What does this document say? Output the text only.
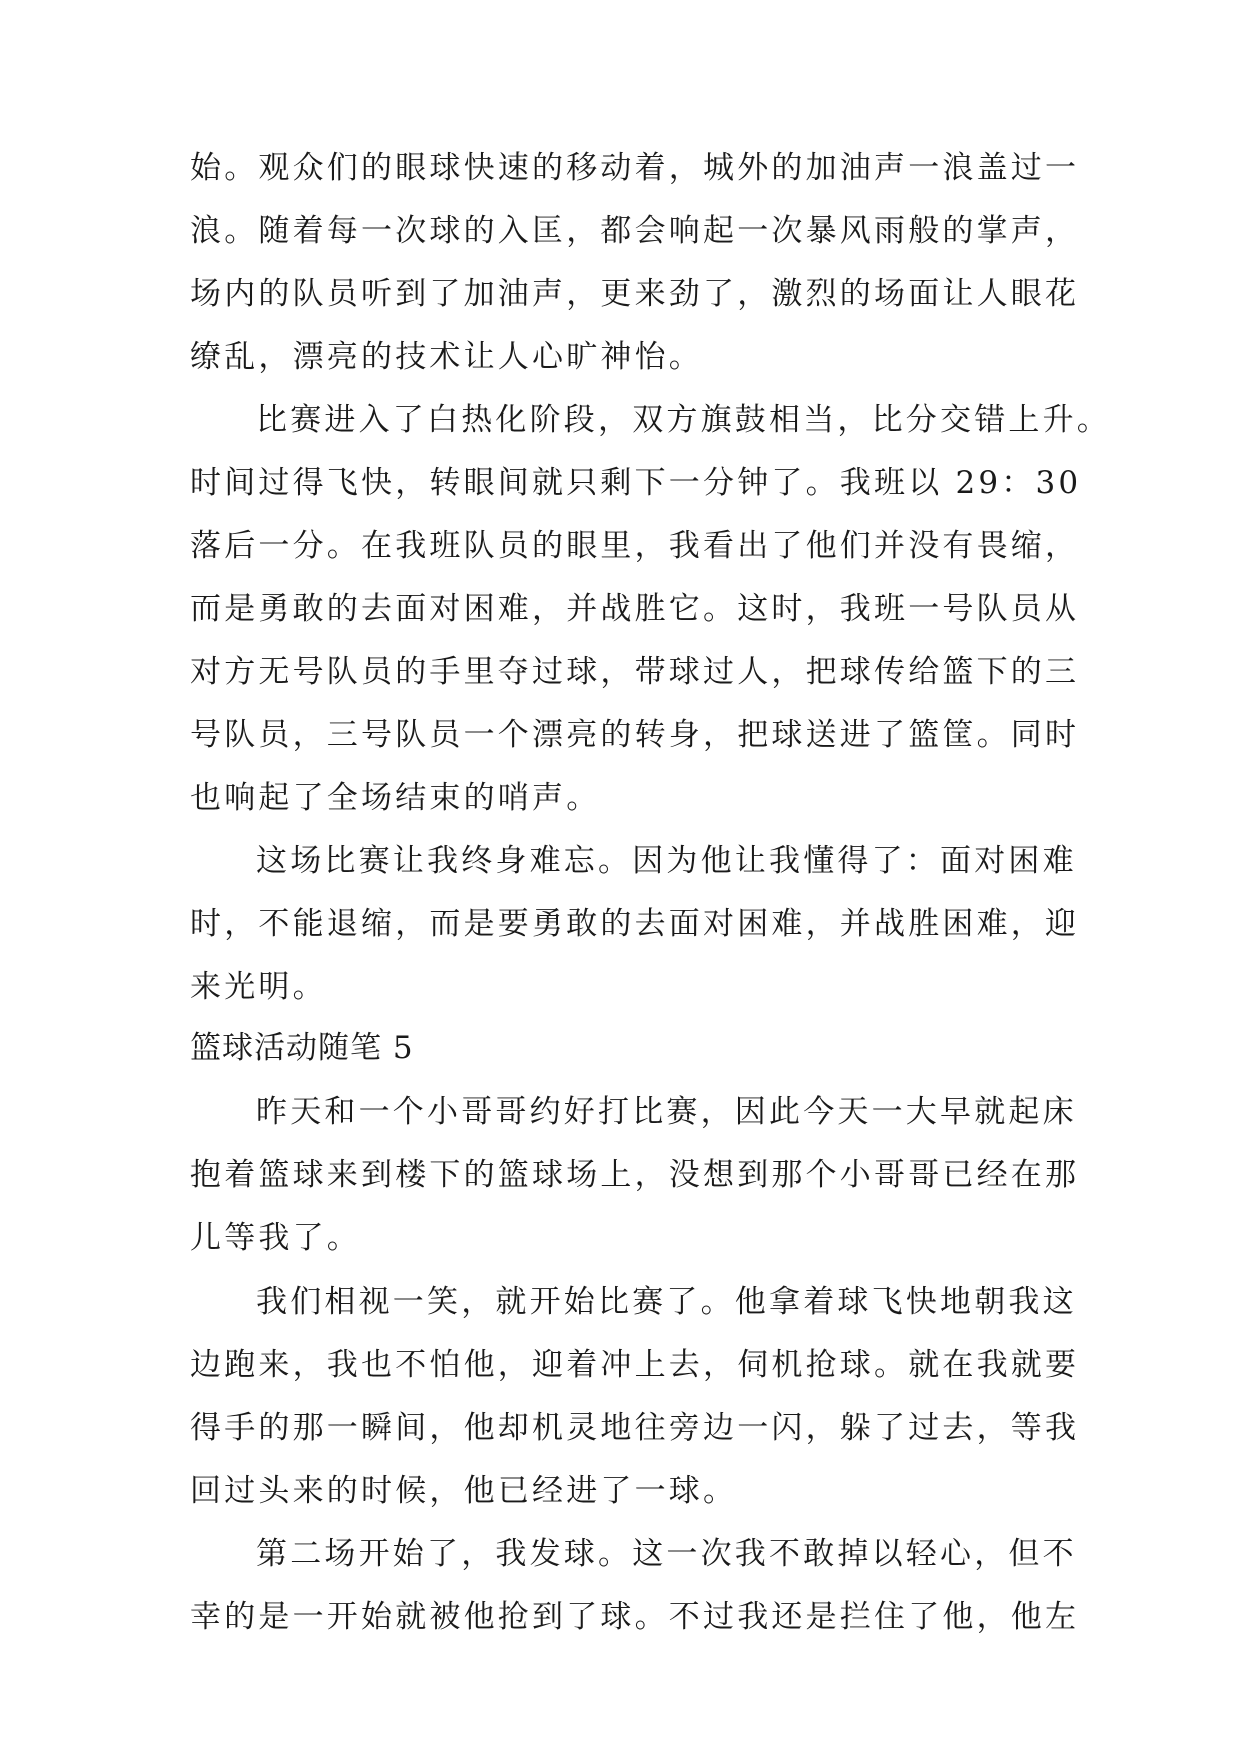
始。观众们的眼球快速的移动着，城外的加油声一浪盖过一
浪。随着每一次球的入匡，都会响起一次暴风雨般的掌声，
场内的队员听到了加油声，更来劲了，激烈的场面让人眼花
缭乱，漂亮的技术让人心旷神怡。
比赛进入了白热化阶段，双方旗鼓相当，比分交错上升。
时间过得飞快，转眼间就只剩下一分钟了。我班以 29：30
落后一分。在我班队员的眼里，我看出了他们并没有畏缩，
而是勇敢的去面对困难，并战胜它。这时，我班一号队员从
对方无号队员的手里夺过球，带球过人，把球传给篮下的三
号队员，三号队员一个漂亮的转身，把球送进了篮筐。同时
也响起了全场结束的哨声。
这场比赛让我终身难忘。因为他让我懂得了：面对困难
时，不能退缩，而是要勇敢的去面对困难，并战胜困难，迎
来光明。
篮球活动随笔 5
昨天和一个小哥哥约好打比赛，因此今天一大早就起床
抱着篮球来到楼下的篮球场上，没想到那个小哥哥已经在那
儿等我了。
我们相视一笑，就开始比赛了。他拿着球飞快地朝我这
边跑来，我也不怕他，迎着冲上去，伺机抢球。就在我就要
得手的那一瞬间，他却机灵地往旁边一闪，躲了过去，等我
回过头来的时候，他已经进了一球。
第二场开始了，我发球。这一次我不敢掉以轻心，但不
幸的是一开始就被他抢到了球。不过我还是拦住了他，他左
